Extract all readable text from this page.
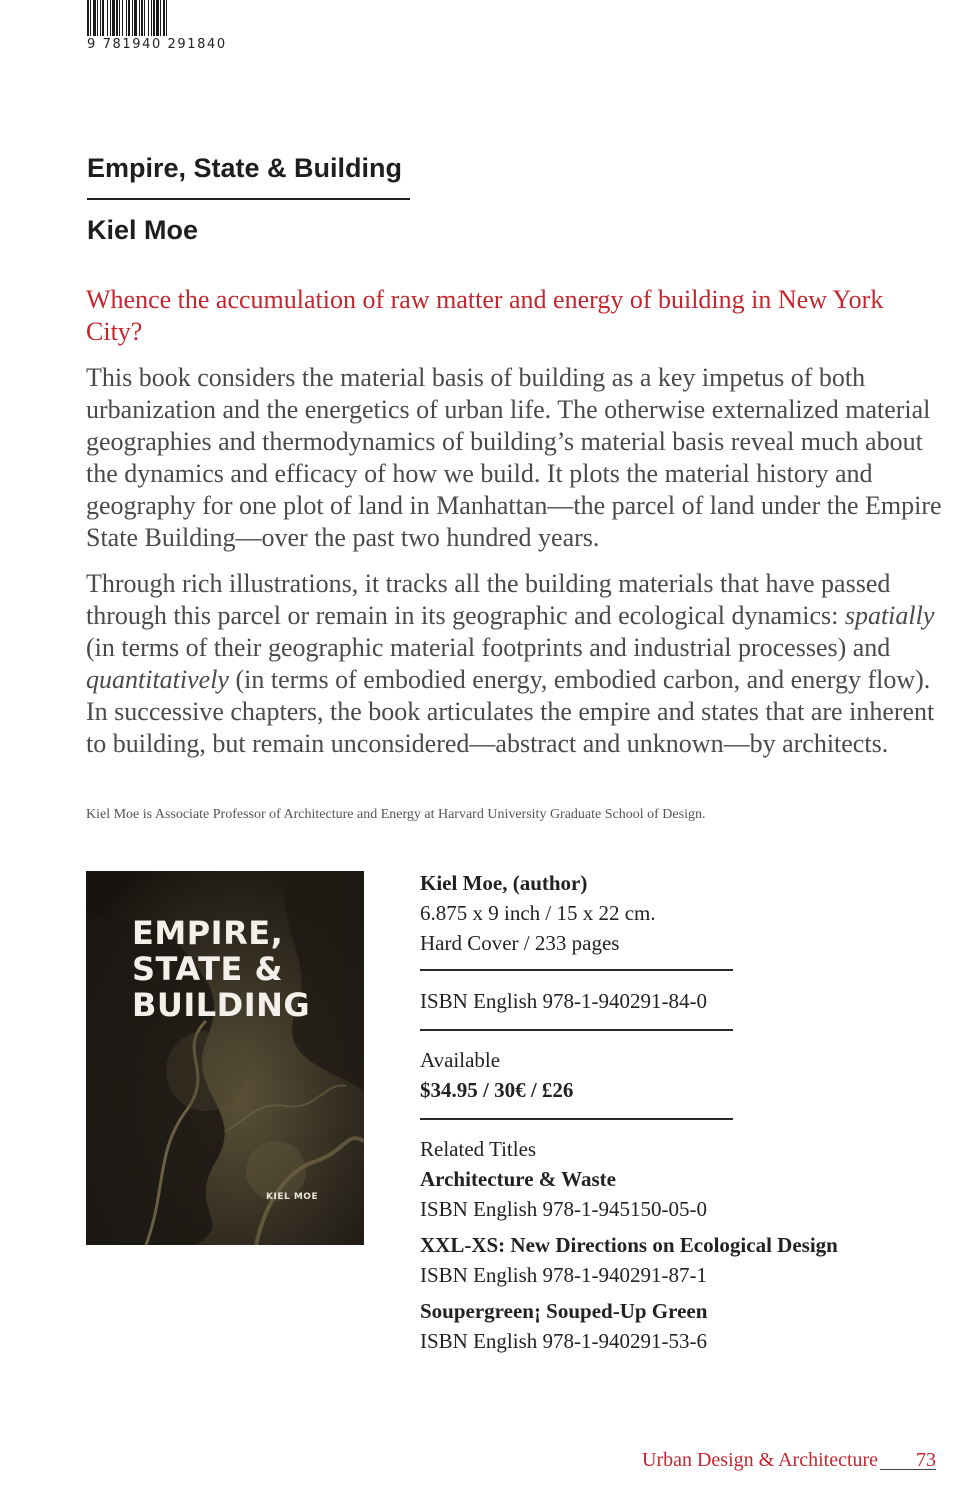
9 781940 291840
Empire, State & Building
Kiel Moe

Whence the accumulation of raw matter and energy of building in New York City?

This book considers the material basis of building as a key impetus of both urbanization and the energetics of urban life. The otherwise externalized material geographies and thermodynamics of building’s material basis reveal much about the dynamics and efficacy of how we build. It plots the material history and geography for one plot of land in Manhattan—the parcel of land under the Empire State Building—over the past two hundred years.

Through rich illustrations, it tracks all the building materials that have passed through this parcel or remain in its geographic and ecological dynamics: spatially (in terms of their geographic material footprints and industrial processes) and quantitatively (in terms of embodied energy, embodied carbon, and energy flow). In successive chapters, the book articulates the empire and states that are inherent to building, but remain unconsidered—abstract and unknown—by architects.

Kiel Moe is Associate Professor of Architecture and Energy at Harvard University Graduate School of Design.

EMPIRE,
STATE &
BUILDING
KIEL MOE

Kiel Moe, (author)

6.875 x 9 inch / 15 x 22 cm.

Hard Cover / 233 pages

ISBN English 978-1-940291-84-0

Available

$34.95 / 30€ / £26

Related Titles

Architecture & Waste

ISBN English 978-1-945150-05-0

XXL-XS: New Directions on Ecological Design

ISBN English 978-1-940291-87-1

Soupergreen¡ Souped-Up Green

ISBN English 978-1-940291-53-6

Urban Design & Architecture 73
